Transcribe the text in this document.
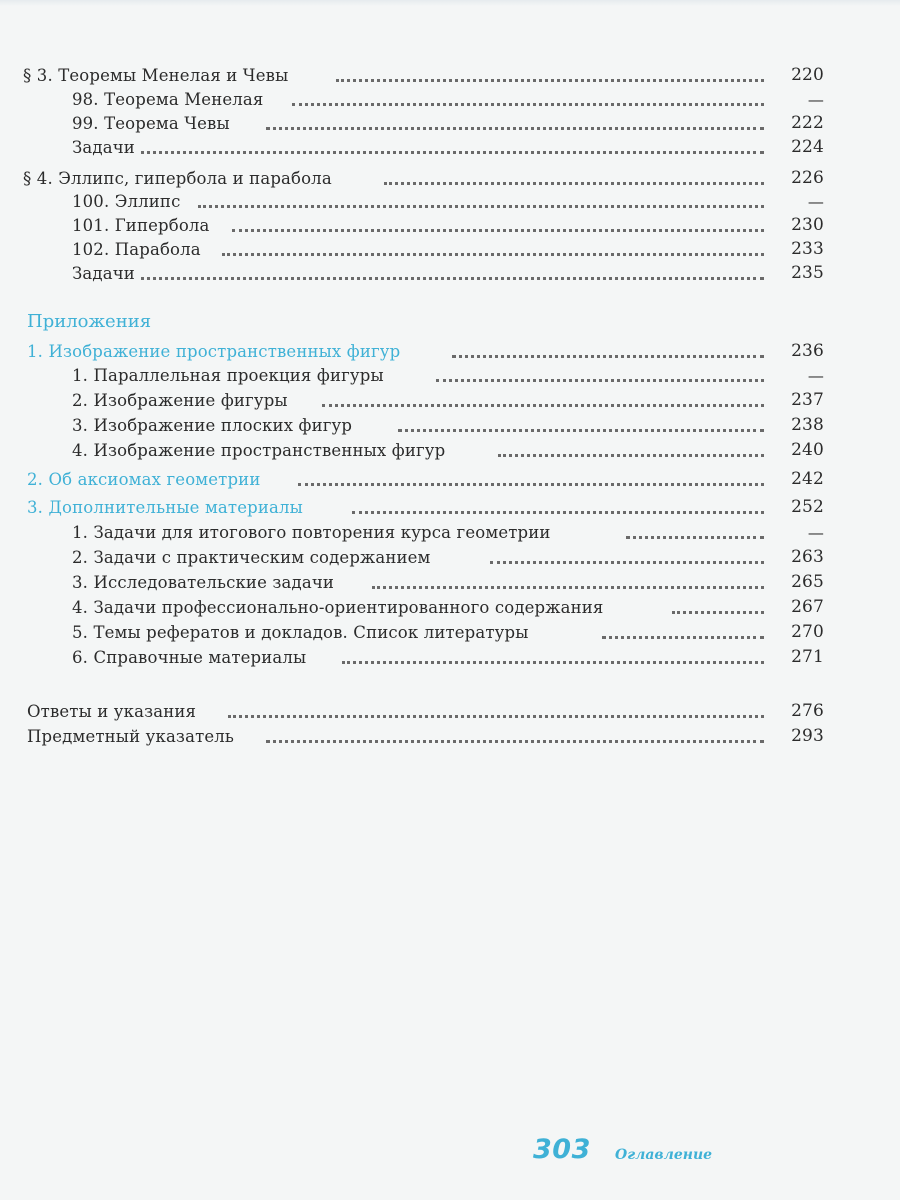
§ 3. Теоремы Менелая и Чевы	220
98. Теорема Менелая	—
99. Теорема Чевы	222
Задачи	224
§ 4. Эллипс, гипербола и парабола	226
100. Эллипс	—
101. Гипербола	230
102. Парабола	233
Задачи	235
Приложения
1. Изображение пространственных фигур	236
1. Параллельная проекция фигуры	—
2. Изображение фигуры	237
3. Изображение плоских фигур	238
4. Изображение пространственных фигур	240
2. Об аксиомах геометрии	242
3. Дополнительные материалы	252
1. Задачи для итогового повторения курса геометрии	—
2. Задачи с практическим содержанием	263
3. Исследовательские задачи	265
4. Задачи профессионально-ориентированного содержания	267
5. Темы рефератов и докладов. Список литературы	270
6. Справочные материалы	271
Ответы и указания	276
Предметный указатель	293
303 Оглавление
